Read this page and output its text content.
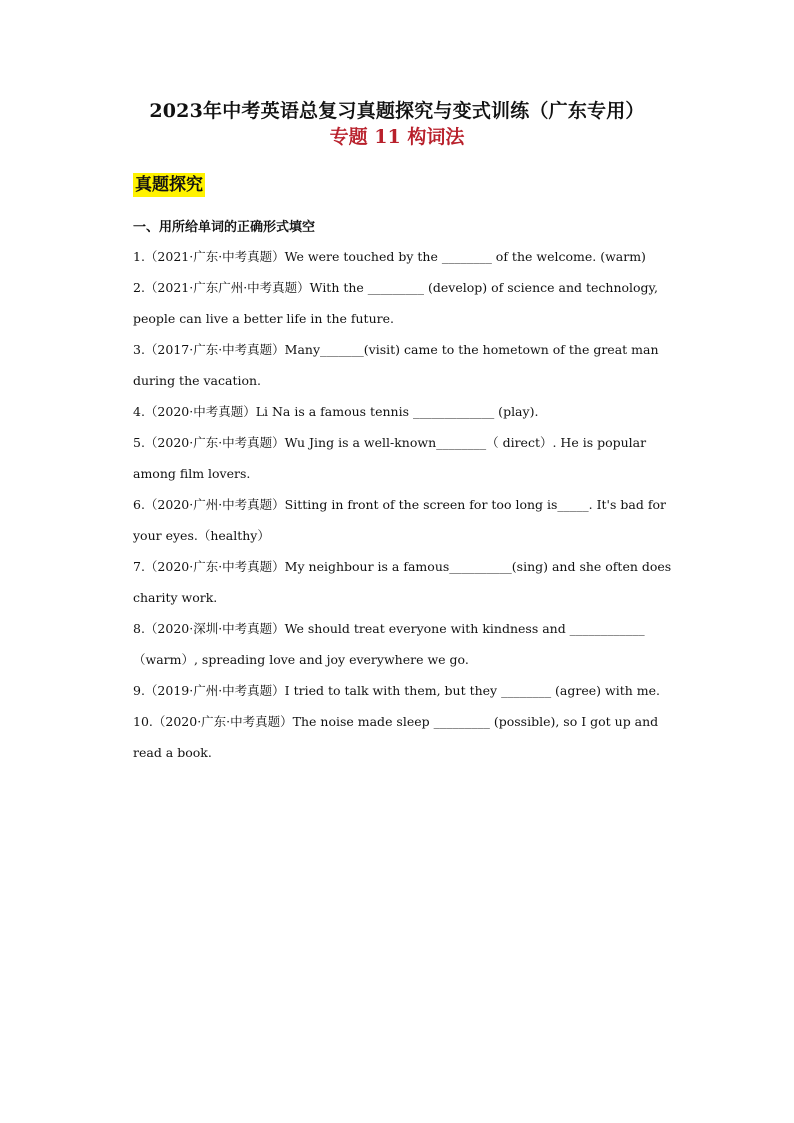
2023年中考英语总复习真题探究与变式训练（广东专用）
专题 11 构词法
真题探究
一、用所给单词的正确形式填空
1.（2021·广东·中考真题）We were touched by the ________ of the welcome. (warm)
2.（2021·广东广州·中考真题）With the _________ (develop) of science and technology,
people can live a better life in the future.
3.（2017·广东·中考真题）Many_______(visit) came to the hometown of the great man
during the vacation.
4.（2020·中考真题）Li Na is a famous tennis _____________ (play).
5.（2020·广东·中考真题）Wu Jing is a well-known________（ direct）. He is popular
among film lovers.
6.（2020·广州·中考真题）Sitting in front of the screen for too long is_____. It's bad for
your eyes.（healthy）
7.（2020·广东·中考真题）My neighbour is a famous__________(sing) and she often does
charity work.
8.（2020·深圳·中考真题）We should treat everyone with kindness and ____________
（warm）, spreading love and joy everywhere we go.
9.（2019·广州·中考真题）I tried to talk with them, but they ________ (agree) with me.
10.（2020·广东·中考真题）The noise made sleep _________ (possible), so I got up and
read a book.
